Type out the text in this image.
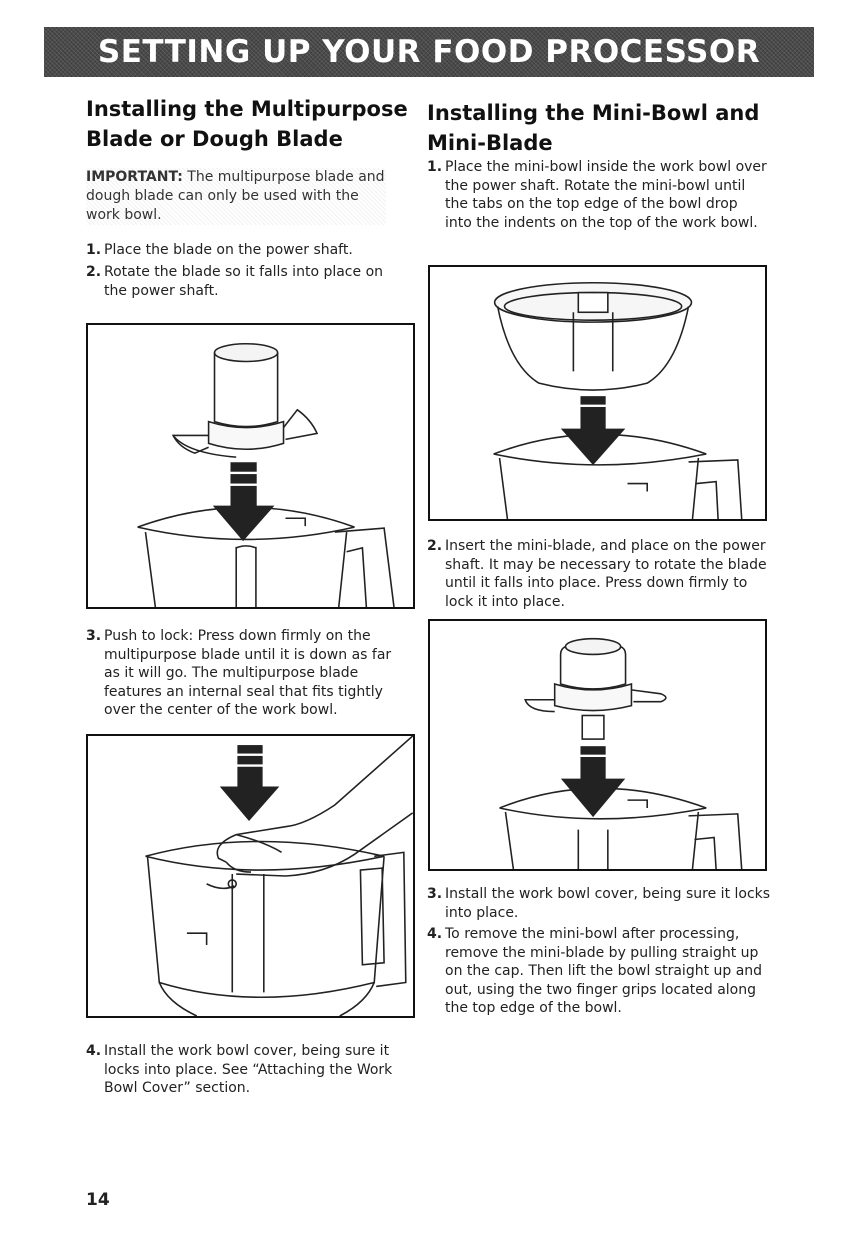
SETTING UP YOUR FOOD PROCESSOR
Installing the Multipurpose Blade or Dough Blade
IMPORTANT: The multipurpose blade and dough blade can only be used with the work bowl.
1. Place the blade on the power shaft.
2. Rotate the blade so it falls into place on the power shaft.
3. Push to lock: Press down firmly on the multipurpose blade until it is down as far as it will go. The multipurpose blade features an internal seal that fits tightly over the center of the work bowl.
4. Install the work bowl cover, being sure it locks into place. See “Attaching the Work Bowl Cover” section.
Installing the Mini-Bowl and Mini-Blade
1. Place the mini-bowl inside the work bowl over the power shaft. Rotate the mini-bowl until the tabs on the top edge of the bowl drop into the indents on the top of the work bowl.
2. Insert the mini-blade, and place on the power shaft. It may be necessary to rotate the blade until it falls into place. Press down firmly to lock it into place.
3. Install the work bowl cover, being sure it locks into place.
4. To remove the mini-bowl after processing, remove the mini-blade by pulling straight up on the cap. Then lift the bowl straight up and out, using the two finger grips located along the top edge of the bowl.
14
